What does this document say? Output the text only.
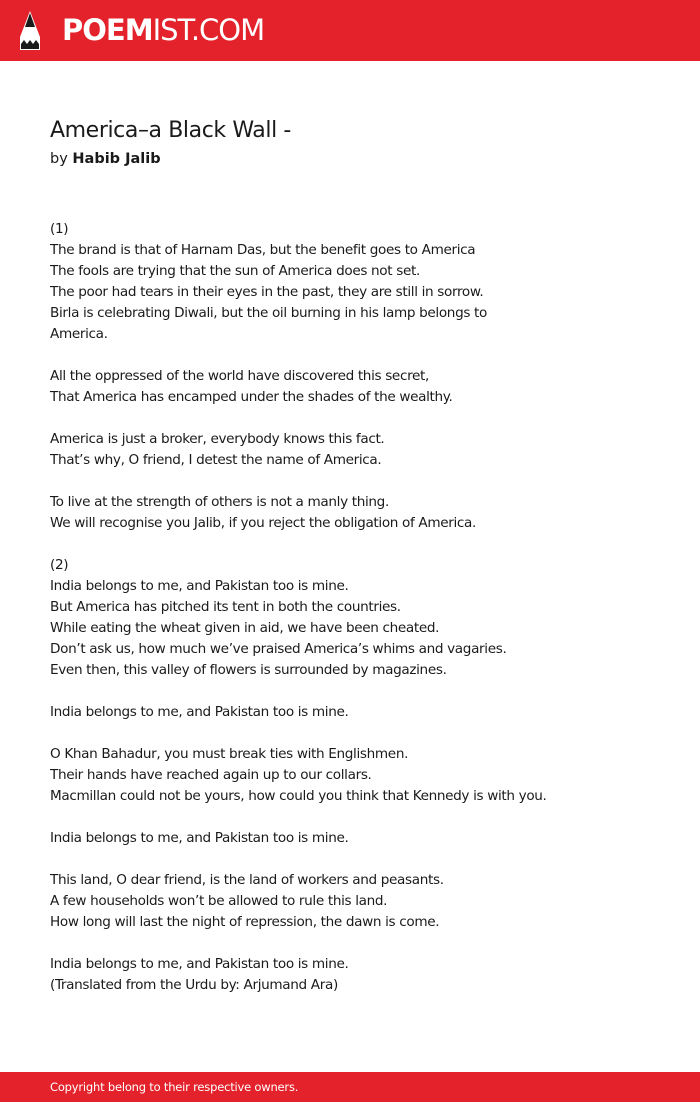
POEMIST.COM
America–a Black Wall -
by Habib Jalib
(1)
The brand is that of Harnam Das, but the benefit goes to America
The fools are trying that the sun of America does not set.
The poor had tears in their eyes in the past, they are still in sorrow.
Birla is celebrating Diwali, but the oil burning in his lamp belongs to
America.

All the oppressed of the world have discovered this secret,
That America has encamped under the shades of the wealthy.

America is just a broker, everybody knows this fact.
That’s why, O friend, I detest the name of America.

To live at the strength of others is not a manly thing.
We will recognise you Jalib, if you reject the obligation of America.

(2)
India belongs to me, and Pakistan too is mine.
But America has pitched its tent in both the countries.
While eating the wheat given in aid, we have been cheated.
Don’t ask us, how much we’ve praised America’s whims and vagaries.
Even then, this valley of flowers is surrounded by magazines.

India belongs to me, and Pakistan too is mine.

O Khan Bahadur, you must break ties with Englishmen.
Their hands have reached again up to our collars.
Macmillan could not be yours, how could you think that Kennedy is with you.

India belongs to me, and Pakistan too is mine.

This land, O dear friend, is the land of workers and peasants.
A few households won’t be allowed to rule this land.
How long will last the night of repression, the dawn is come.

India belongs to me, and Pakistan too is mine.
(Translated from the Urdu by: Arjumand Ara)
Copyright belong to their respective owners.
